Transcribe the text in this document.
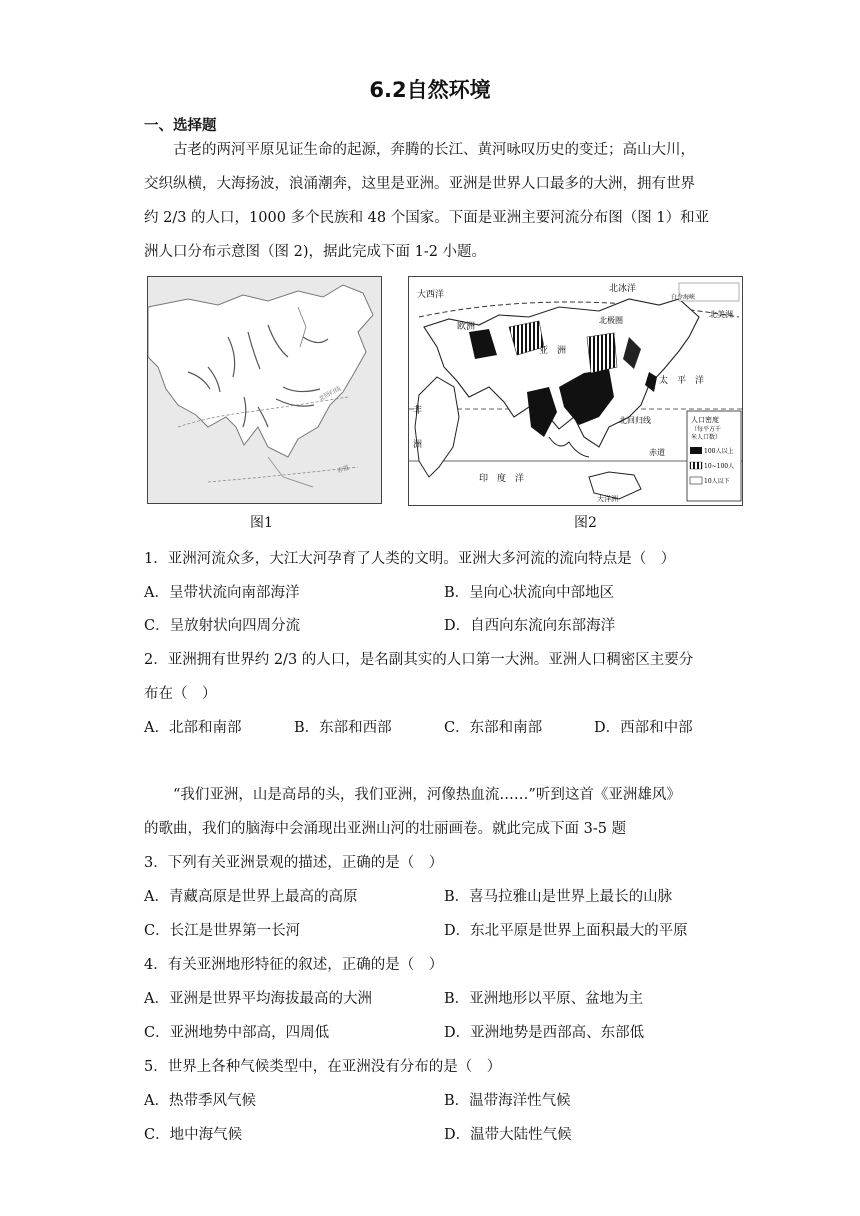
6.2自然环境
一、选择题

古老的两河平原见证生命的起源，奔腾的长江、黄河咏叹历史的变迁；高山大川，

交织纵横，大海扬波，浪涌潮奔，这里是亚洲。亚洲是世界人口最多的大洲，拥有世界
约 2/3 的人口，1000 多个民族和 48 个国家。下面是亚洲主要河流分布图（图 1）和亚
洲人口分布示意图（图 2)，据此完成下面 1-2 小题。
北回归线
赤道
图1
大西洋
北冰洋
白令海峡
北美洲
欧洲
北极圈
亚　洲
太　平　洋
非
洲
北回归线
赤道
印　度　洋
大洋洲
人口密度
（每平方千
米人口数）
100人以上
10~100人
10人以下
图2
1．亚洲河流众多，大江大河孕育了人类的文明。亚洲大多河流的流向特点是（　）
A．呈带状流向南部海洋	B．呈向心状流向中部地区
C．呈放射状向四周分流	D．自西向东流向东部海洋
2．亚洲拥有世界约 2/3 的人口，是名副其实的人口第一大洲。亚洲人口稠密区主要分
布在（　）
A．北部和南部	B．东部和西部	C．东部和南部	D．西部和中部
“我们亚洲，山是高昂的头，我们亚洲，河像热血流……”听到这首《亚洲雄风》
的歌曲，我们的脑海中会涌现出亚洲山河的壮丽画卷。就此完成下面 3-5 题
3．下列有关亚洲景观的描述，正确的是（　）
A．青藏高原是世界上最高的高原	B．喜马拉雅山是世界上最长的山脉
C．长江是世界第一长河	D．东北平原是世界上面积最大的平原
4．有关亚洲地形特征的叙述，正确的是（　）
A．亚洲是世界平均海拔最高的大洲	B．亚洲地形以平原、盆地为主
C．亚洲地势中部高，四周低	D．亚洲地势是西部高、东部低
5．世界上各种气候类型中，在亚洲没有分布的是（　）
A．热带季风气候	B．温带海洋性气候
C．地中海气候	D．温带大陆性气候
